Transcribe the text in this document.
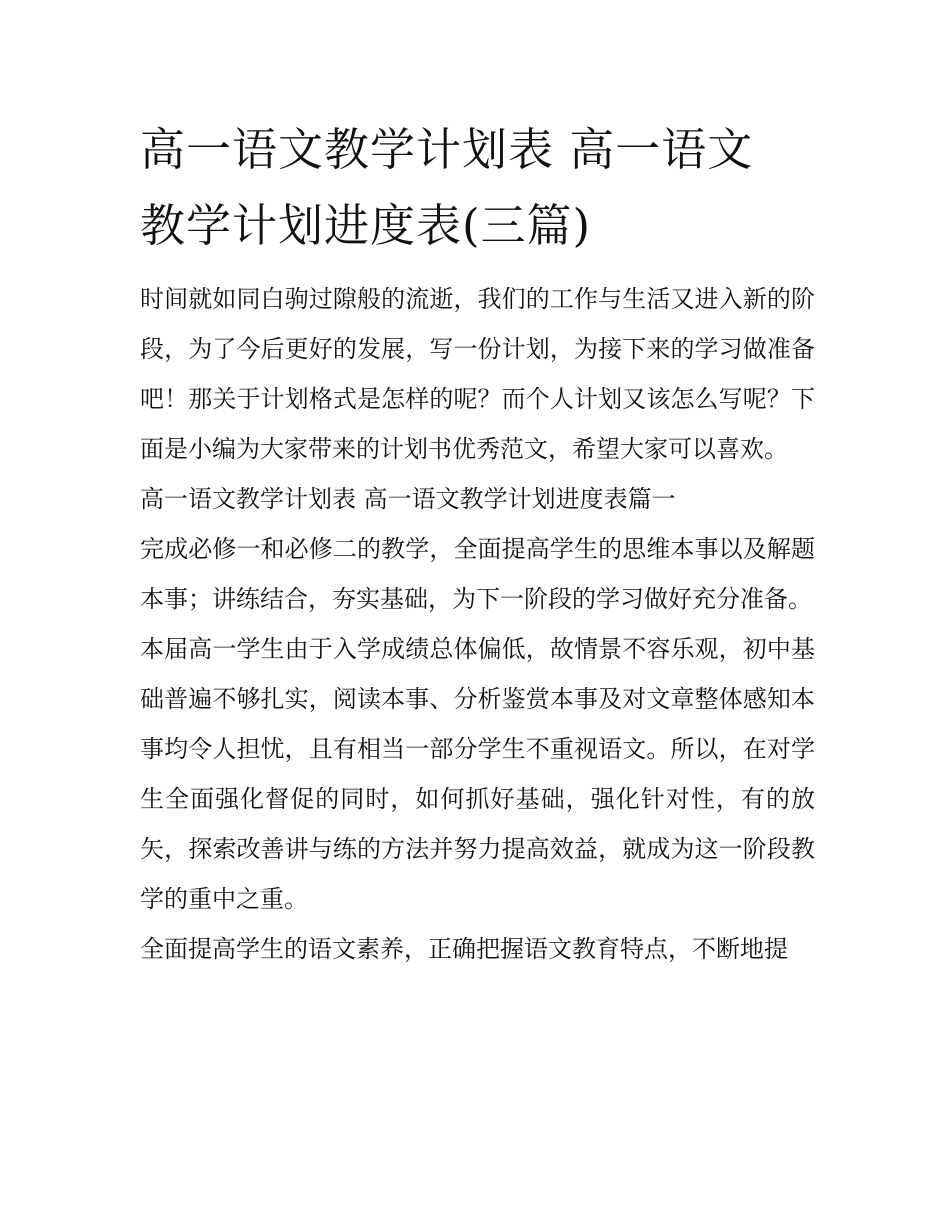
高一语文教学计划表 高一语文
教学计划进度表(三篇)

时间就如同白驹过隙般的流逝，我们的工作与生活又进入新的阶段，为了今后更好的发展，写一份计划，为接下来的学习做准备吧！那关于计划格式是怎样的呢？而个人计划又该怎么写呢？下面是小编为大家带来的计划书优秀范文，希望大家可以喜欢。

高一语文教学计划表 高一语文教学计划进度表篇一

完成必修一和必修二的教学，全面提高学生的思维本事以及解题本事；讲练结合，夯实基础，为下一阶段的学习做好充分准备。

本届高一学生由于入学成绩总体偏低，故情景不容乐观，初中基础普遍不够扎实，阅读本事、分析鉴赏本事及对文章整体感知本事均令人担忧，且有相当一部分学生不重视语文。所以，在对学生全面强化督促的同时，如何抓好基础，强化针对性，有的放矢，探索改善讲与练的方法并努力提高效益，就成为这一阶段教学的重中之重。

全面提高学生的语文素养，正确把握语文教育特点，不断地提
